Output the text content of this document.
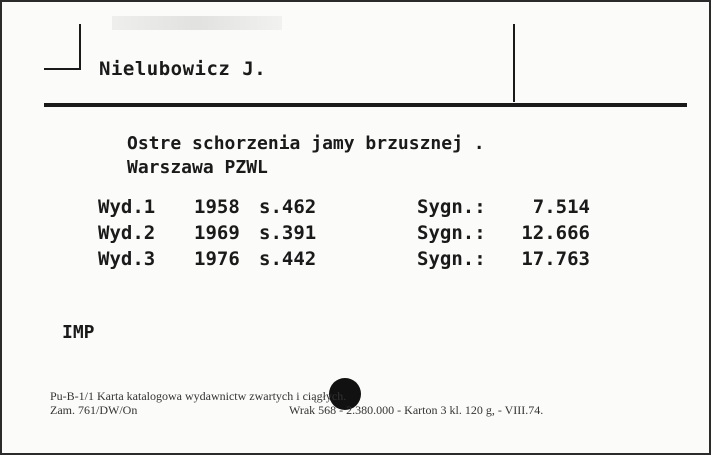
Nielubowicz J.
Ostre schorzenia jamy brzusznej .
Warszawa PZWL
Wyd.1 1958 s.462	Sygn.:	7.514
Wyd.2 1969 s.391	Sygn.:	12.666
Wyd.3 1976 s.442	Sygn.:	17.763
IMP
Pu-B-1/1 Karta katalogowa wydawnictw zwartych i ciągłych.
Zam. 761/DW/On	Wrak 568 - 2.380.000 - Karton 3 kl. 120 g, - VIII.74.
